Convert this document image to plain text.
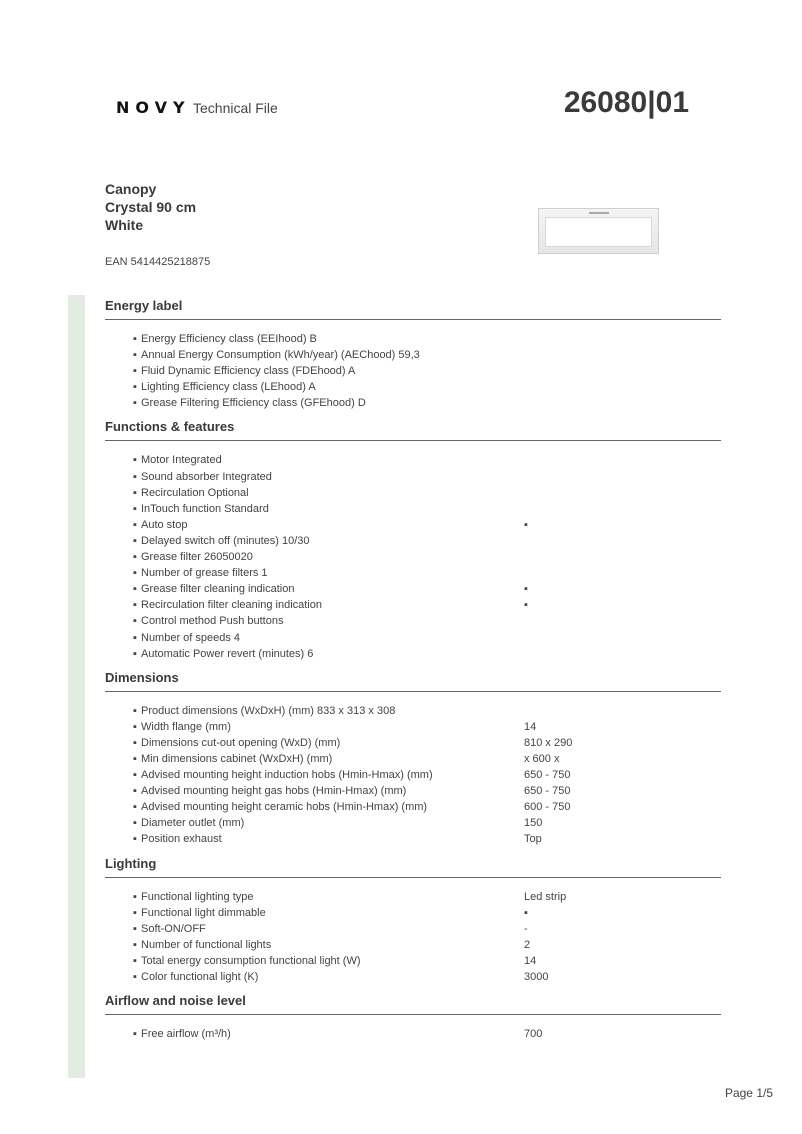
NOVY Technical File	26080|01
Canopy
Crystal 90 cm
White
EAN 5414425218875
Energy label
▪ Energy Efficiency class (EEIhood) B
▪ Annual Energy Consumption (kWh/year) (AEChood) 59,3
▪ Fluid Dynamic Efficiency class (FDEhood) A
▪ Lighting Efficiency class (LEhood) A
▪ Grease Filtering Efficiency class (GFEhood) D
Functions & features
▪ Motor Integrated
▪ Sound absorber Integrated
▪ Recirculation Optional
▪ InTouch function Standard
▪ Auto stop	▪
▪ Delayed switch off (minutes) 10/30
▪ Grease filter 26050020
▪ Number of grease filters 1
▪ Grease filter cleaning indication	▪
▪ Recirculation filter cleaning indication	▪
▪ Control method Push buttons
▪ Number of speeds 4
▪ Automatic Power revert (minutes) 6
Dimensions
▪ Product dimensions (WxDxH) (mm) 833 x 313 x 308
▪ Width flange (mm)	14
▪ Dimensions cut-out opening (WxD) (mm)	810 x 290
▪ Min dimensions cabinet (WxDxH) (mm)	x 600 x
▪ Advised mounting height induction hobs (Hmin-Hmax) (mm)	650 - 750
▪ Advised mounting height gas hobs (Hmin-Hmax) (mm)	650 - 750
▪ Advised mounting height ceramic hobs (Hmin-Hmax) (mm)	600 - 750
▪ Diameter outlet (mm)	150
▪ Position exhaust	Top
Lighting
▪ Functional lighting type	Led strip
▪ Functional light dimmable	▪
▪ Soft-ON/OFF	-
▪ Number of functional lights	2
▪ Total energy consumption functional light (W)	14
▪ Color functional light (K)	3000
Airflow and noise level
▪ Free airflow (m³/h)	700
Page 1/5
